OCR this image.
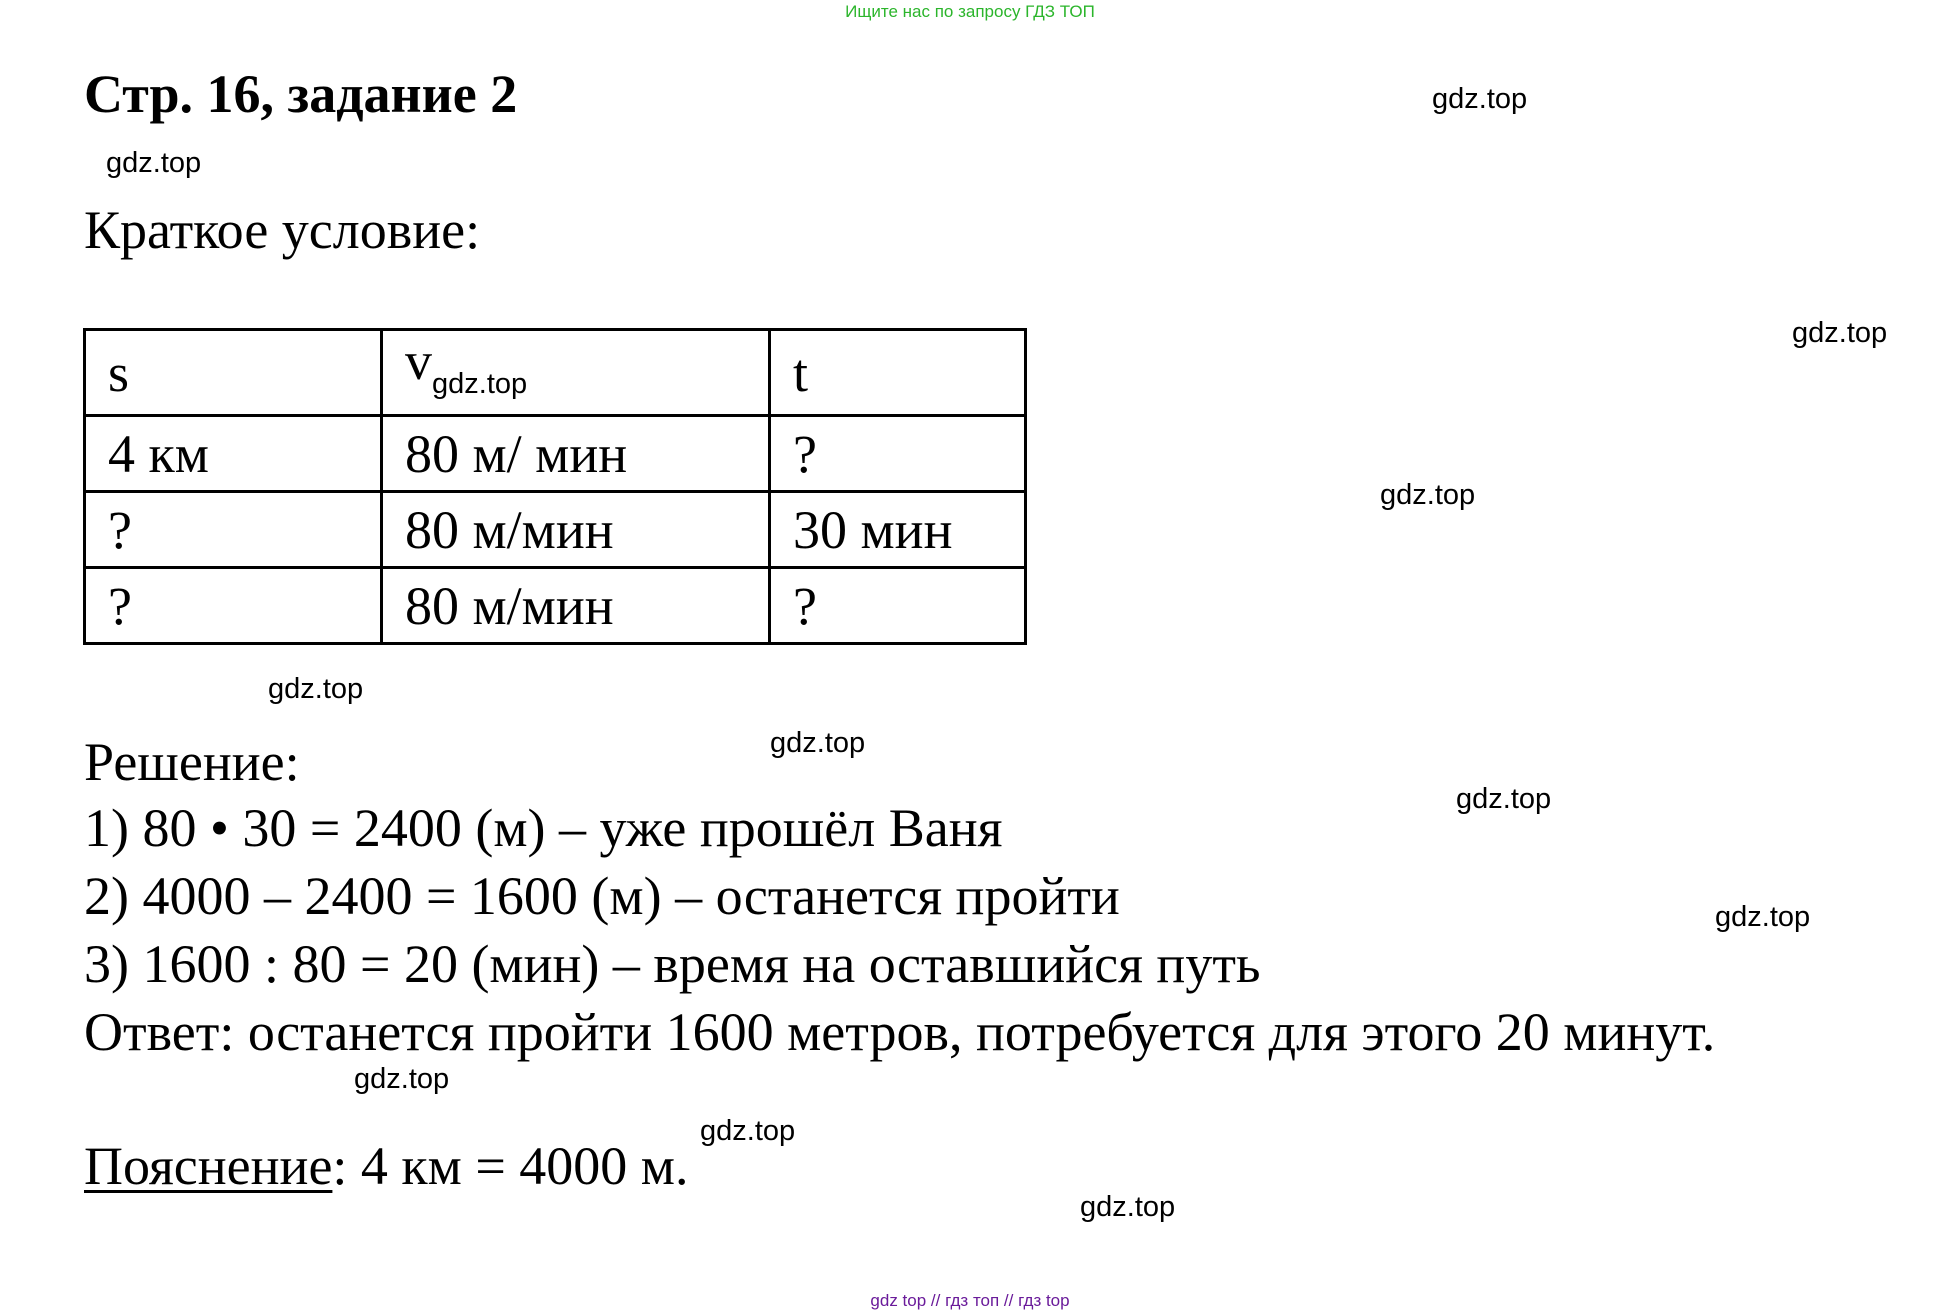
Ищите нас по запросу ГДЗ ТОП
Стр. 16, задание 2
Краткое условие:
s	$v_{gdz.top}$	t
4 км	80 м/ мин	?
?	80 м/мин	30 мин
?	80 м/мин	?
Решение:
1) 80 • 30 = 2400 (м) – уже прошёл Ваня
2) 4000 – 2400 = 1600 (м) – останется пройти
3) 1600 : 80 = 20 (мин) – время на оставшийся путь
Ответ: останется пройти 1600 метров, потребуется для этого 20 минут.
Пояснение: 4 км = 4000 м.
gdz.top
gdz.top
gdz.top
gdz.top
gdz.top
gdz.top
gdz.top
gdz.top
gdz.top
gdz.top
gdz.top
gdz top // гдз топ // гдз top
